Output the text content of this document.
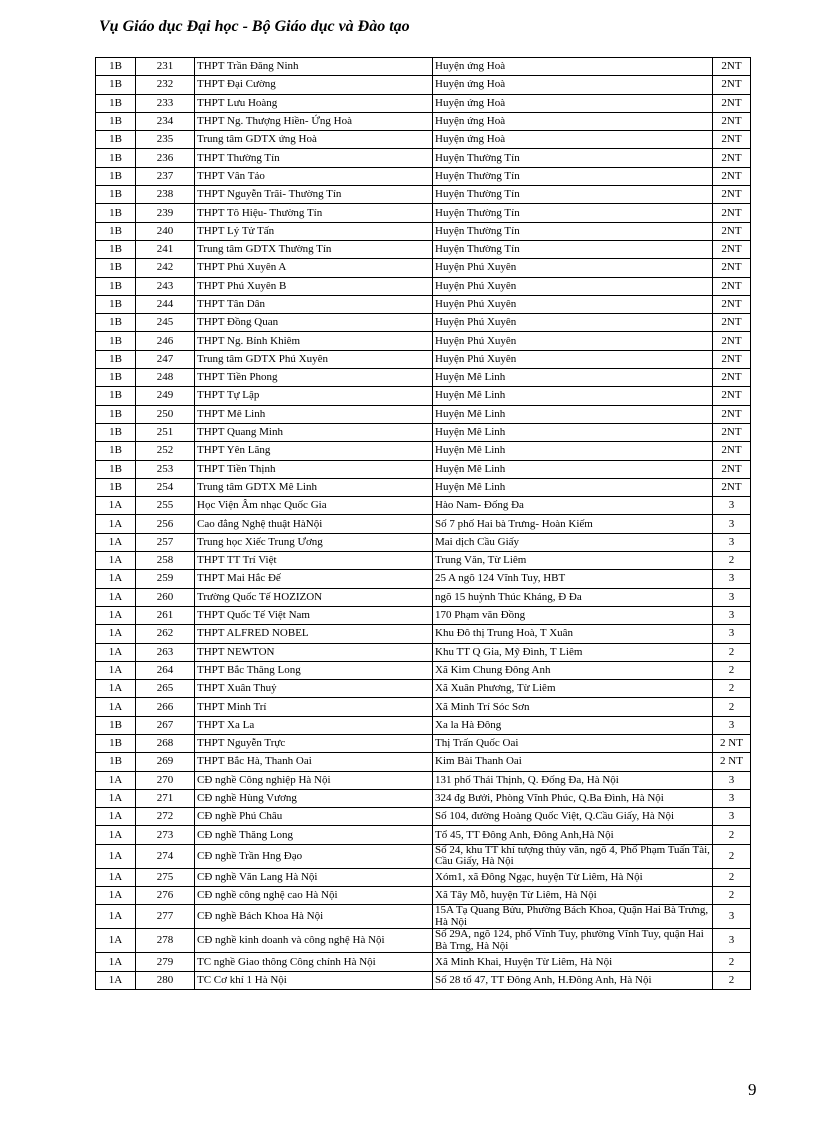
Vụ Giáo dục Đại học - Bộ Giáo dục và Đào tạo
1B	231	THPT Trần Đăng Ninh	Huyện ứng Hoà	2NT
1B	232	THPT Đại Cường	Huyện ứng Hoà	2NT
1B	233	THPT Lưu Hoàng	Huyện ứng Hoà	2NT
1B	234	THPT Ng. Thượng Hiền- Ứng Hoà	Huyện ứng Hoà	2NT
1B	235	Trung tâm GDTX ứng Hoà	Huyện ứng Hoà	2NT
1B	236	THPT Thường Tín	Huyện Thường Tín	2NT
1B	237	THPT Vân Tảo	Huyện Thường Tín	2NT
1B	238	THPT Nguyễn Trãi- Thường Tín	Huyện Thường Tín	2NT
1B	239	THPT Tô Hiệu- Thường Tín	Huyện Thường Tín	2NT
1B	240	THPT Lý Tử Tấn	Huyện Thường Tín	2NT
1B	241	Trung tâm GDTX Thường Tín	Huyện Thường Tín	2NT
1B	242	THPT Phú Xuyên A	Huyện Phú Xuyên	2NT
1B	243	THPT Phú Xuyên B	Huyện Phú Xuyên	2NT
1B	244	THPT Tân Dân	Huyện Phú Xuyên	2NT
1B	245	THPT Đồng Quan	Huyện Phú Xuyên	2NT
1B	246	THPT Ng. Bỉnh Khiêm	Huyện Phú Xuyên	2NT
1B	247	Trung tâm GDTX Phú Xuyên	Huyện Phú Xuyên	2NT
1B	248	THPT Tiền Phong	Huyện Mê Linh	2NT
1B	249	THPT Tự Lập	Huyện Mê Linh	2NT
1B	250	THPT Mê Linh	Huyện Mê Linh	2NT
1B	251	THPT Quang Minh	Huyện Mê Linh	2NT
1B	252	THPT Yên Lãng	Huyện Mê Linh	2NT
1B	253	THPT Tiền Thịnh	Huyện Mê Linh	2NT
1B	254	Trung tâm GDTX Mê Linh	Huyện Mê Linh	2NT
1A	255	Học Viện Âm nhạc Quốc Gia	Hào Nam- Đống Đa	3
1A	256	Cao đẳng Nghệ thuật HàNội	Số 7 phố Hai bà Trưng- Hoàn Kiếm	3
1A	257	Trung học Xiếc Trung Ương	Mai dịch Cầu Giấy	3
1A	258	THPT TT Trí Việt	Trung Văn, Từ Liêm	2
1A	259	THPT Mai Hắc Đế	25 A ngõ 124 Vĩnh Tuy, HBT	3
1A	260	Trường Quốc Tế HOZIZON	ngõ 15 huỳnh Thúc Kháng, Đ Đa	3
1A	261	THPT Quốc Tế Việt Nam	170 Phạm văn Đồng	3
1A	262	THPT ALFRED NOBEL	Khu Đô thị Trung Hoà, T Xuân	3
1A	263	THPT NEWTON	Khu TT Q Gia, Mỹ Đình, T Liêm	2
1A	264	THPT Bắc Thăng Long	Xã Kim Chung Đông Anh	2
1A	265	THPT Xuân Thuỷ	Xã Xuân Phương, Từ Liêm	2
1A	266	THPT Minh Trí	Xã Minh Trí Sóc Sơn	2
1B	267	THPT Xa La	Xa la Hà Đông	3
1B	268	THPT Nguyễn Trực	Thị Trấn Quốc Oai	2 NT
1B	269	THPT Bắc Hà, Thanh Oai	Kim Bài Thanh Oai	2 NT
1A	270	CĐ nghề Công nghiệp Hà Nội	131 phố Thái Thịnh, Q. Đống Đa, Hà Nội	3
1A	271	CĐ nghề Hùng Vương	324 đg Bưởi, Phòng Vĩnh Phúc, Q.Ba Đình, Hà Nội	3
1A	272	CĐ nghề Phú Châu	Số 104, đường Hoàng Quốc Việt, Q.Cầu Giấy, Hà Nội	3
1A	273	CĐ nghề Thăng Long	Tổ 45, TT Đông Anh, Đông Anh,Hà Nội	2
1A	274	CĐ nghề Trần Hng Đạo	Số 24, khu TT khí tượng thủy văn, ngõ 4, Phố Phạm Tuấn Tài, Cầu Giấy, Hà Nội	2
1A	275	CĐ nghề Văn Lang Hà Nội	Xóm1, xã Đông Ngạc, huyện Từ Liêm, Hà Nội	2
1A	276	CĐ nghề công nghệ cao Hà Nội	Xã Tây Mỗ, huyện Từ Liêm, Hà Nội	2
1A	277	CĐ nghề Bách Khoa Hà Nội	15A Tạ Quang Bửu, Phường Bách Khoa, Quận Hai Bà Trưng, Hà Nội	3
1A	278	CĐ nghề kinh doanh và công nghệ Hà Nội	Số 29A, ngõ 124, phố Vĩnh Tuy, phường Vĩnh Tuy, quận Hai Bà Trng, Hà Nội	3
1A	279	TC nghề Giao thông Công chính Hà Nội	Xã Minh Khai, Huyện Từ Liêm, Hà Nội	2
1A	280	TC Cơ khí 1 Hà Nội	Số 28 tổ 47, TT Đông Anh, H.Đông Anh, Hà Nội	2
9
